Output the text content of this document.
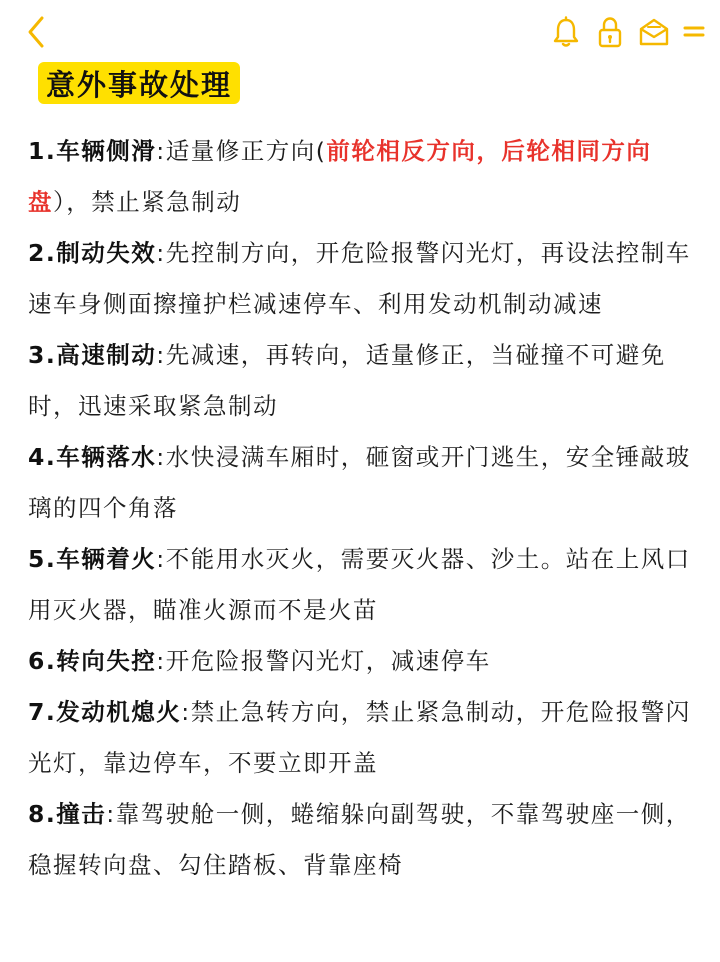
意外事故处理
1.车辆侧滑:适量修正方向(前轮相反方向，后轮相同方向盘），禁止紧急制动
2.制动失效:先控制方向，开危险报警闪光灯，再设法控制车速车身侧面擦撞护栏减速停车、利用发动机制动减速
3.高速制动:先减速，再转向，适量修正，当碰撞不可避免时，迅速采取紧急制动
4.车辆落水:水快浸满车厢时，砸窗或开门逃生，安全锤敲玻璃的四个角落
5.车辆着火:不能用水灭火，需要灭火器、沙土。站在上风口用灭火器，瞄准火源而不是火苗
6.转向失控:开危险报警闪光灯，减速停车
7.发动机熄火:禁止急转方向，禁止紧急制动，开危险报警闪光灯，靠边停车，不要立即开盖
8.撞击:靠驾驶舱一侧，蜷缩躲向副驾驶，不靠驾驶座一侧，稳握转向盘、勾住踏板、背靠座椅
